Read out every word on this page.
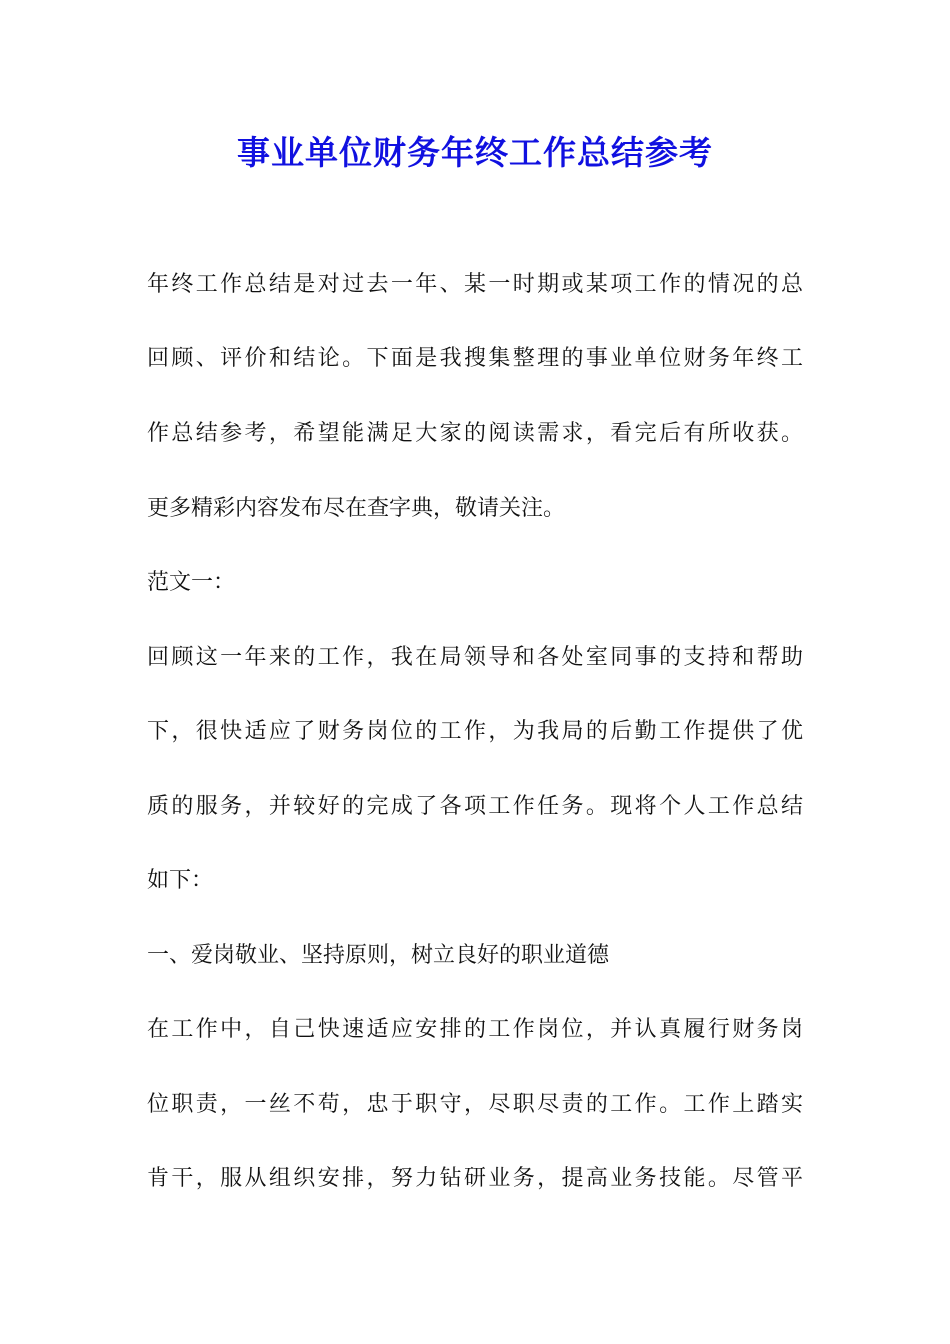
事业单位财务年终工作总结参考

年终工作总结是对过去一年、某一时期或某项工作的情况的总

回顾、评价和结论。下面是我搜集整理的事业单位财务年终工

作总结参考，希望能满足大家的阅读需求，看完后有所收获。

更多精彩内容发布尽在查字典，敬请关注。

范文一：

回顾这一年来的工作，我在局领导和各处室同事的支持和帮助

下，很快适应了财务岗位的工作，为我局的后勤工作提供了优

质的服务，并较好的完成了各项工作任务。现将个人工作总结

如下：

一、爱岗敬业、坚持原则，树立良好的职业道德

在工作中，自己快速适应安排的工作岗位，并认真履行财务岗

位职责，一丝不苟，忠于职守，尽职尽责的工作。工作上踏实

肯干，服从组织安排，努力钻研业务，提高业务技能。尽管平
